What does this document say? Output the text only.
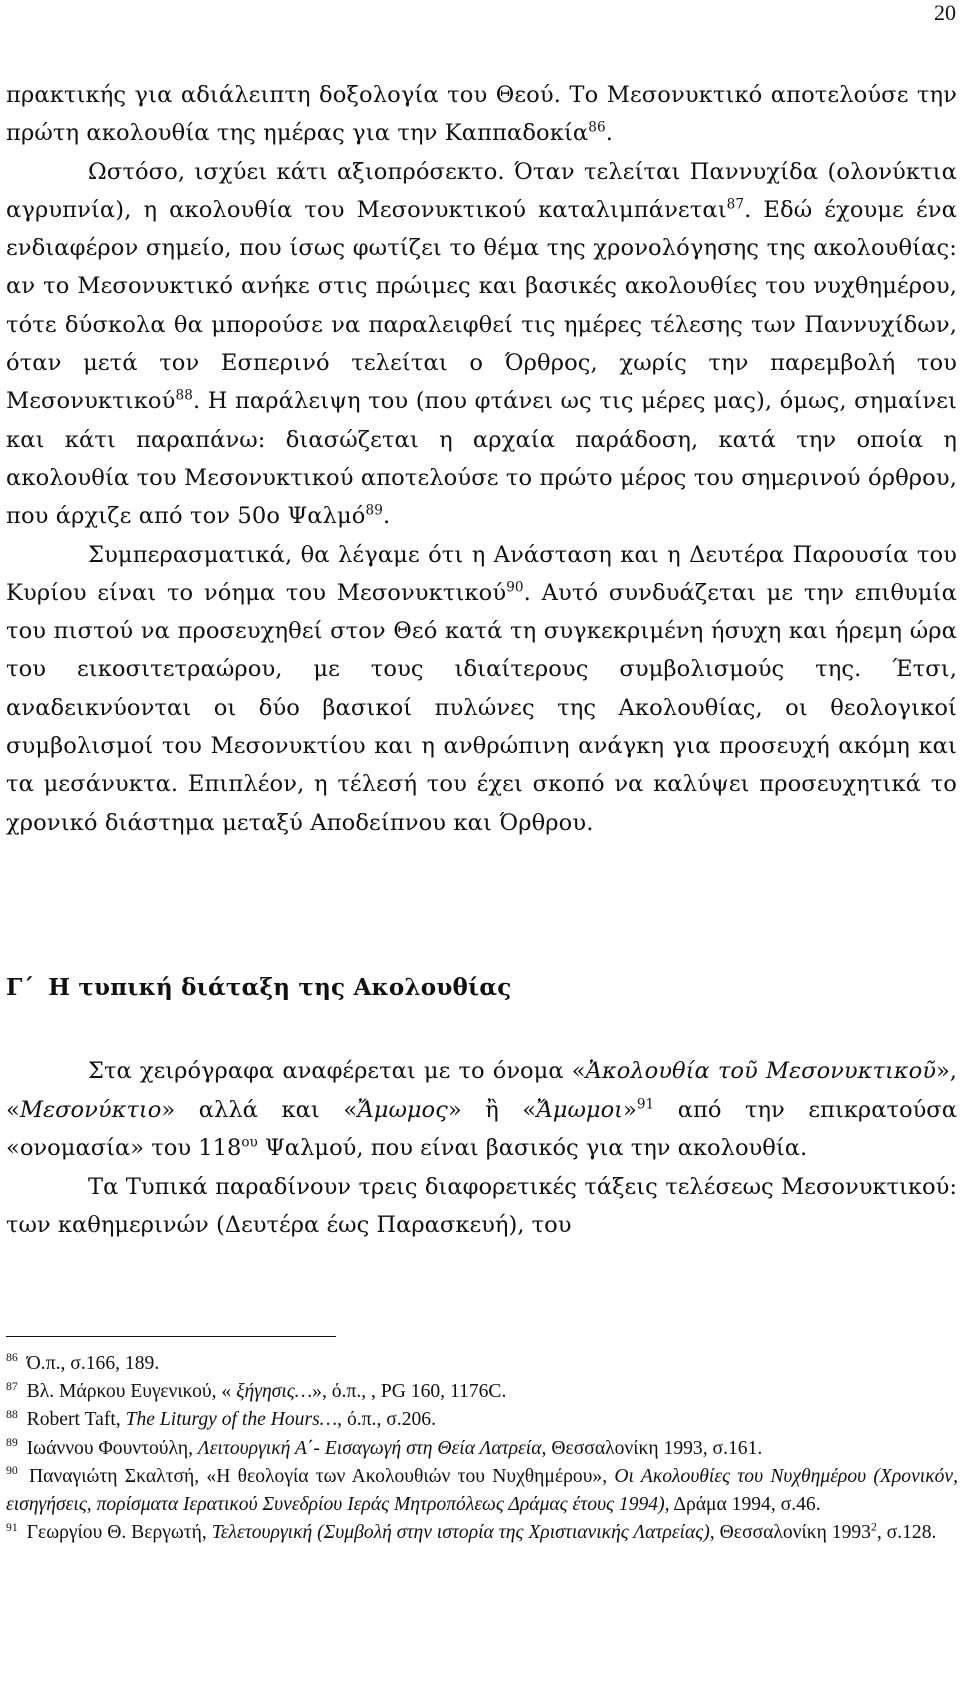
20

πρακτικής για αδιάλειπτη δοξολογία του Θεού. Το Μεσονυκτικό αποτελούσε την πρώτη ακολουθία της ημέρας για την Καππαδοκία$^{86}$.

Ωστόσο, ισχύει κάτι αξιοπρόσεκτο. Όταν τελείται Παννυχίδα (ολονύκτια αγρυπνία), η ακολουθία του Μεσονυκτικού καταλιμπάνεται$^{87}$. Εδώ έχουμε ένα ενδιαφέρον σημείο, που ίσως φωτίζει το θέμα της χρονολόγησης της ακολουθίας: αν το Μεσονυκτικό ανήκε στις πρώιμες και βασικές ακολουθίες του νυχθημέρου, τότε δύσκολα θα μπορούσε να παραλειφθεί τις ημέρες τέλεσης των Παννυχίδων, όταν μετά τον Εσπερινό τελείται ο Όρθρος, χωρίς την παρεμβολή του Μεσονυκτικού$^{88}$. Η παράλειψη του (που φτάνει ως τις μέρες μας), όμως, σημαίνει και κάτι παραπάνω: διασώζεται η αρχαία παράδοση, κατά την οποία η ακολουθία του Μεσονυκτικού αποτελούσε το πρώτο μέρος του σημερινού όρθρου, που άρχιζε από τον 50ο Ψαλμό$^{89}$.

Συμπερασματικά, θα λέγαμε ότι η Ανάσταση και η Δευτέρα Παρουσία του Κυρίου είναι το νόημα του Μεσονυκτικού$^{90}$. Αυτό συνδυάζεται με την επιθυμία του πιστού να προσευχηθεί στον Θεό κατά τη συγκεκριμένη ήσυχη και ήρεμη ώρα του εικοσιτετραώρου, με τους ιδιαίτερους συμβολισμούς της. Έτσι, αναδεικνύονται οι δύο βασικοί πυλώνες της Ακολουθίας, οι θεολογικοί συμβολισμοί του Μεσονυκτίου και η ανθρώπινη ανάγκη για προσευχή ακόμη και τα μεσάνυκτα. Επιπλέον, η τέλεσή του έχει σκοπό να καλύψει προσευχητικά το χρονικό διάστημα μεταξύ Αποδείπνου και Όρθρου.

Γ΄ Η τυπική διάταξη της Ακολουθίας

Στα χειρόγραφα αναφέρεται με το όνομα «Ἀκολουθία τοῦ Μεσονυκτικοῦ», «Μεσονύκτιο» αλλά και «Ἄμωμος» ἢ «Ἄμωμοι»$^{91}$ από την επικρατούσα «ονομασία» του $118^{o\upsilon}$ Ψαλμού, που είναι βασικός για την ακολουθία.

Τα Τυπικά παραδίνουν τρεις διαφορετικές τάξεις τελέσεως Μεσονυκτικού: των καθημερινών (Δευτέρα έως Παρασκευή), του

$^{86}$ Ό.π., σ.166, 189.

$^{87}$ Βλ. Μάρκου Ευγενικού, « ξήγησις…», ό.π., , PG 160, 1176C.

$^{88}$ Robert Taft, The Liturgy of the Hours…, ό.π., σ.206.

$^{89}$ Ιωάννου Φουντούλη, Λειτουργική Α΄- Εισαγωγή στη Θεία Λατρεία, Θεσσαλονίκη 1993, σ.161.

$^{90}$ Παναγιώτη Σκαλτσή, «Η θεολογία των Ακολουθιών του Νυχθημέρου», Οι Ακολουθίες του Νυχθημέρου (Χρονικόν, εισηγήσεις, πορίσματα Ιερατικού Συνεδρίου Ιεράς Μητροπόλεως Δράμας έτους 1994), Δράμα 1994, σ.46.

$^{91}$ Γεωργίου Θ. Βεργωτή, Τελετουργική (Συμβολή στην ιστορία της Χριστιανικής Λατρείας), Θεσσαλονίκη 1993$^2$, σ.128.
